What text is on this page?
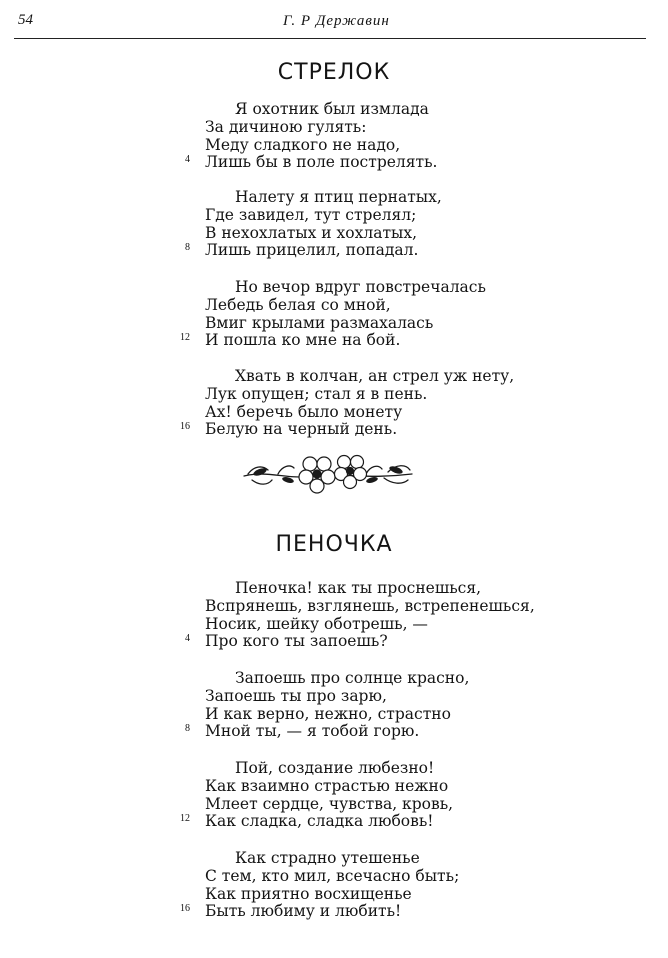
54	Г. Р Державин
СТРЕЛОК
Я охотник был измлада
За дичиною гулять:
Меду сладкого не надо,
4 Лишь бы в поле пострелять.
Налету я птиц пернатых,
Где завидел, тут стрелял;
В нехохлатых и хохлатых,
8 Лишь прицелил, попадал.
Но вечор вдруг повстречалась
Лебедь белая со мной,
Вмиг крылами размахалась
12 И пошла ко мне на бой.
Хвать в колчан, ан стрел уж нету,
Лук опущен; стал я в пень.
Ах! беречь было монету
16 Белую на черный день.
ПЕНОЧКА
Пеночка! как ты проснешься,
Вспрянешь, взглянешь, встрепенешься,
Носик, шейку оботрешь, —
4 Про кого ты запоешь?
Запоешь про солнце красно,
Запоешь ты про зарю,
И как верно, нежно, страстно
8 Мной ты, — я тобой горю.
Пой, создание любезно!
Как взаимно страстью нежно
Млеет сердце, чувства, кровь,
12 Как сладка, сладка любовь!
Как страдно утешенье
С тем, кто мил, всечасно быть;
Как приятно восхищенье
16 Быть любиму и любить!
